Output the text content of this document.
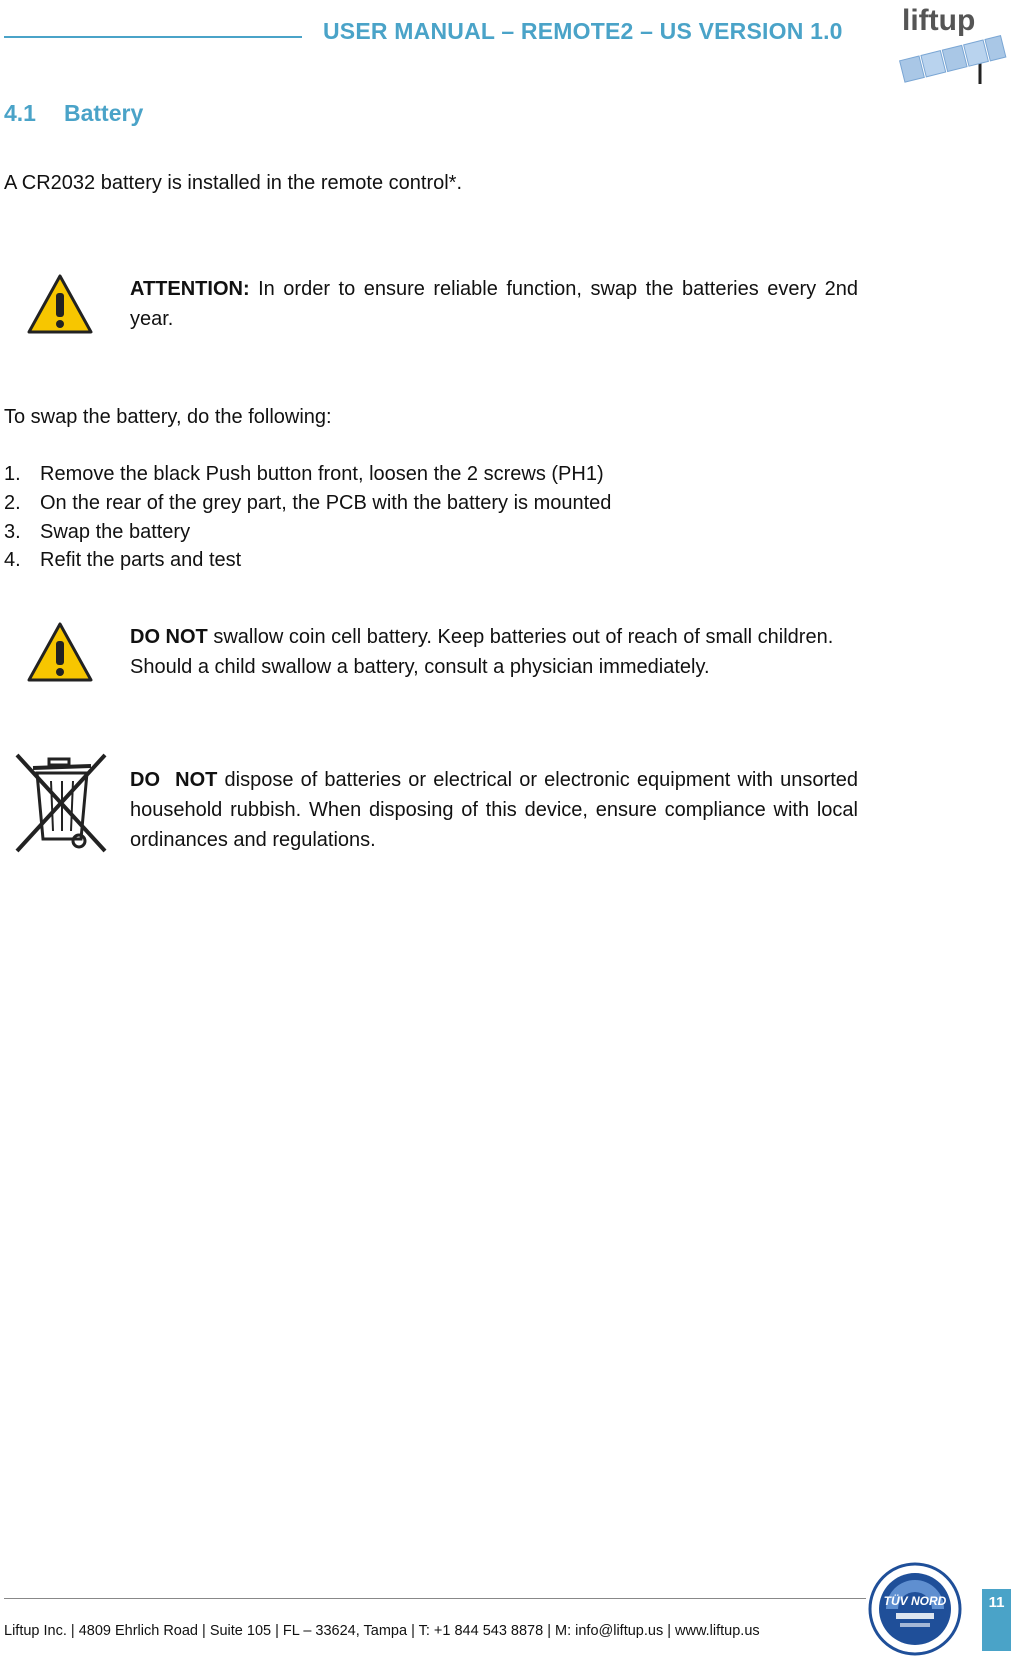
USER MANUAL – REMOTE2 – US VERSION 1.0 liftup
4.1 Battery
A CR2032 battery is installed in the remote control*.
ATTENTION: In order to ensure reliable function, swap the batteries every 2nd year.
To swap the battery, do the following:
1. Remove the black Push button front, loosen the 2 screws (PH1)
2. On the rear of the grey part, the PCB with the battery is mounted
3. Swap the battery
4. Refit the parts and test
DO NOT swallow coin cell battery. Keep batteries out of reach of small children. Should a child swallow a battery, consult a physician immediately.
DO NOT dispose of batteries or electrical or electronic equipment with unsorted household rubbish. When disposing of this device, ensure compliance with local ordinances and regulations.
Liftup Inc. | 4809 Ehrlich Road | Suite 105 | FL – 33624, Tampa | T: +1 844 543 8878 | M: info@liftup.us | www.liftup.us
TÜV NORD	11
